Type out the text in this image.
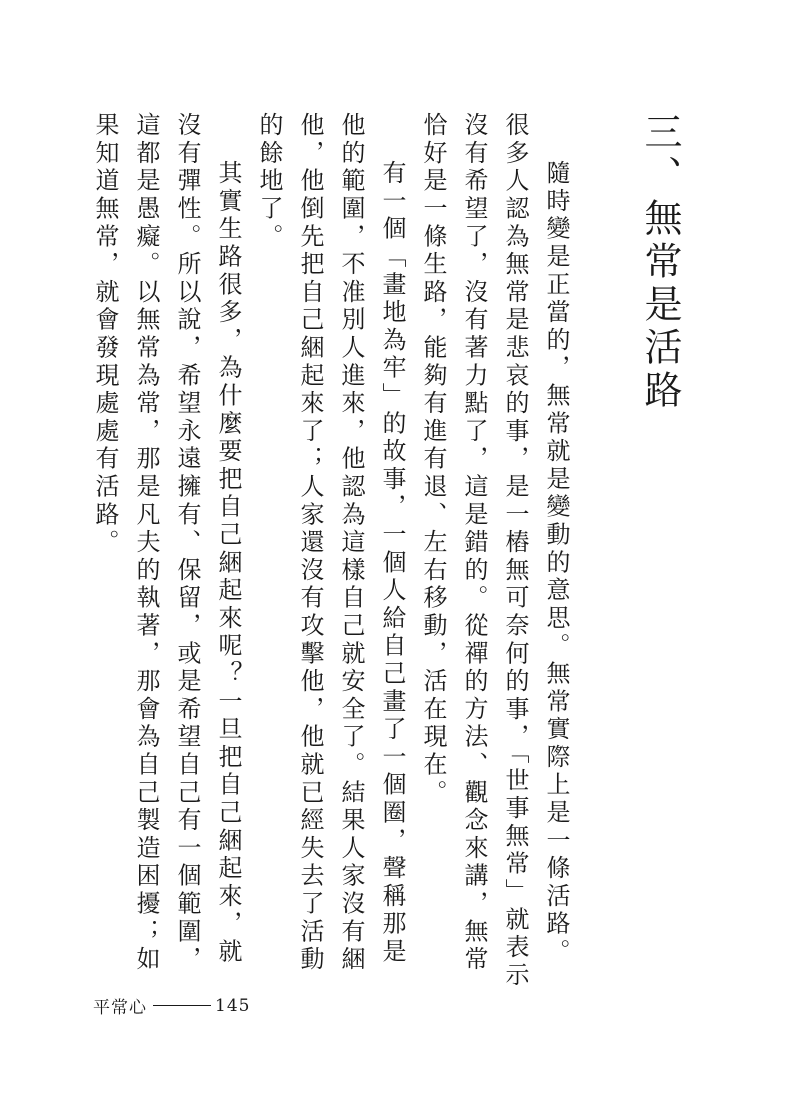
三、無常是活路

隨時變是正當的，無常就是變動的意思。無常實際上是一條活路。很多人認為無常是悲哀的事，是一樁無可奈何的事，「世事無常」就表示沒有希望了，沒有著力點了，這是錯的。從禪的方法、觀念來講，無常恰好是一條生路，能夠有進有退、左右移動，活在現在。

有一個「畫地為牢」的故事，一個人給自己畫了一個圈，聲稱那是他的範圍，不准別人進來，他認為這樣自己就安全了。結果人家沒有綑他，他倒先把自己綑起來了；人家還沒有攻擊他，他就已經失去了活動的餘地了。

其實生路很多，為什麼要把自己綑起來呢？一旦把自己綑起來，就沒有彈性。所以說，希望永遠擁有、保留，或是希望自己有一個範圍，這都是愚癡。以無常為常，那是凡夫的執著，那會為自己製造困擾；如果知道無常，就會發現處處有活路。

平常心	145
